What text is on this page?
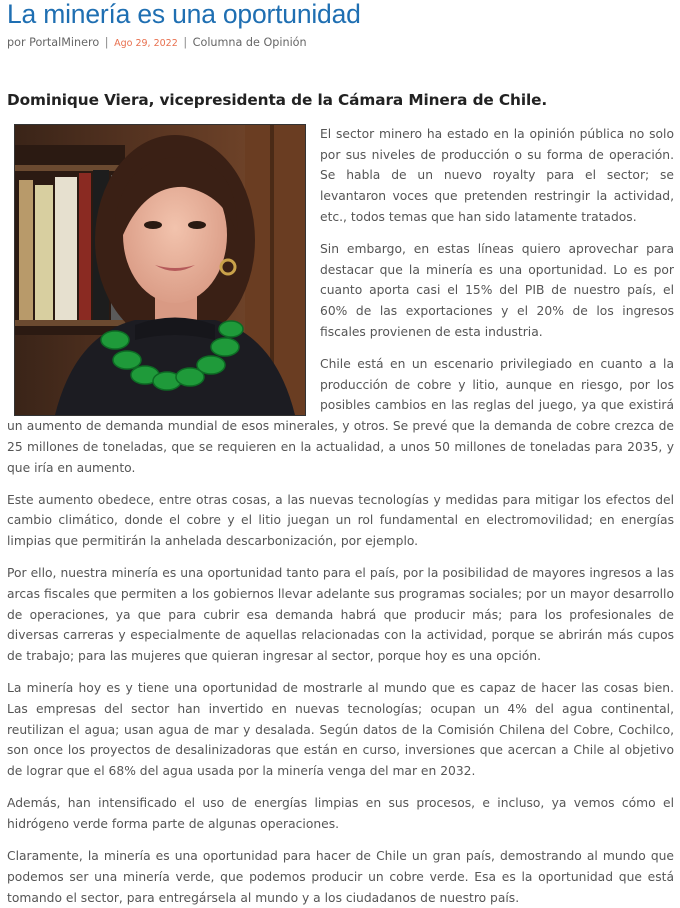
La minería es una oportunidad
por PortalMinero | Ago 29, 2022 | Columna de Opinión
Dominique Viera, vicepresidenta de la Cámara Minera de Chile.

El sector minero ha estado en la opinión pública no solo por sus niveles de producción o su forma de operación. Se habla de un nuevo royalty para el sector; se levantaron voces que pretenden restringir la actividad, etc., todos temas que han sido latamente tratados.

Sin embargo, en estas líneas quiero aprovechar para destacar que la minería es una oportunidad. Lo es por cuanto aporta casi el 15% del PIB de nuestro país, el 60% de las exportaciones y el 20% de los ingresos fiscales provienen de esta industria.

Chile está en un escenario privilegiado en cuanto a la producción de cobre y litio, aunque en riesgo, por los posibles cambios en las reglas del juego, ya que existirá un aumento de demanda mundial de esos minerales, y otros. Se prevé que la demanda de cobre crezca de 25 millones de toneladas, que se requieren en la actualidad, a unos 50 millones de toneladas para 2035, y que iría en aumento.

Este aumento obedece, entre otras cosas, a las nuevas tecnologías y medidas para mitigar los efectos del cambio climático, donde el cobre y el litio juegan un rol fundamental en electromovilidad; en energías limpias que permitirán la anhelada descarbonización, por ejemplo.

Por ello, nuestra minería es una oportunidad tanto para el país, por la posibilidad de mayores ingresos a las arcas fiscales que permiten a los gobiernos llevar adelante sus programas sociales; por un mayor desarrollo de operaciones, ya que para cubrir esa demanda habrá que producir más; para los profesionales de diversas carreras y especialmente de aquellas relacionadas con la actividad, porque se abrirán más cupos de trabajo; para las mujeres que quieran ingresar al sector, porque hoy es una opción.

La minería hoy es y tiene una oportunidad de mostrarle al mundo que es capaz de hacer las cosas bien. Las empresas del sector han invertido en nuevas tecnologías; ocupan un 4% del agua continental, reutilizan el agua; usan agua de mar y desalada. Según datos de la Comisión Chilena del Cobre, Cochilco, son once los proyectos de desalinizadoras que están en curso, inversiones que acercan a Chile al objetivo de lograr que el 68% del agua usada por la minería venga del mar en 2032.

Además, han intensificado el uso de energías limpias en sus procesos, e incluso, ya vemos cómo el hidrógeno verde forma parte de algunas operaciones.

Claramente, la minería es una oportunidad para hacer de Chile un gran país, demostrando al mundo que podemos ser una minería verde, que podemos producir un cobre verde. Esa es la oportunidad que está tomando el sector, para entregársela al mundo y a los ciudadanos de nuestro país.
